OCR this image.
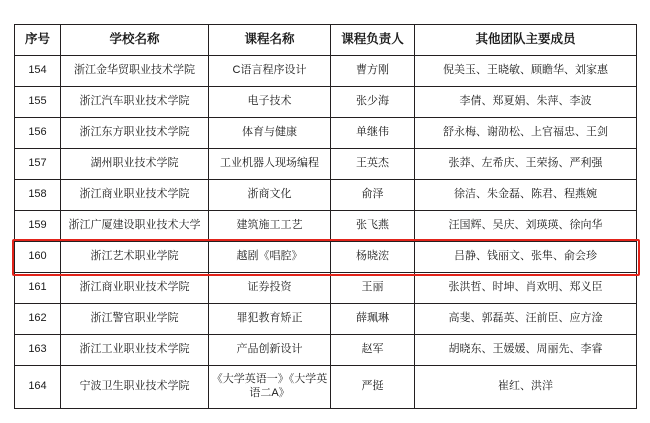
序号	学校名称	课程名称	课程负责人	其他团队主要成员
154	浙江金华贸职业技术学院	C语言程序设计	曹方刚	倪美玉、王晓敏、顾瞻华、刘家惠
155	浙江汽车职业技术学院	电子技术	张少海	李倩、郑夏娟、朱萍、李波
156	浙江东方职业技术学院	体育与健康	单继伟	舒永梅、谢劭松、上官福忠、王剑
157	湖州职业技术学院	工业机器人现场编程	王英杰	张莽、左希庆、王荣扬、严利强
158	浙江商业职业技术学院	浙商文化	俞泽	徐洁、朱金磊、陈君、程燕婉
159	浙江广厦建设职业技术大学	建筑施工工艺	张飞燕	汪国辉、吴庆、刘瑛瑛、徐向华
160	浙江艺术职业学院	越剧《唱腔》	杨晓浤	吕静、钱丽文、张隼、俞会珍
161	浙江商业职业技术学院	证券投资	王丽	张洪哲、时坤、肖欢明、郑义臣
162	浙江警官职业学院	罪犯教育矫正	薛珮琳	高斐、郭磊英、汪前臣、应方淦
163	浙江工业职业技术学院	产品创新设计	赵军	胡晓东、王媛媛、周丽先、李睿
164	宁波卫生职业技术学院	《大学英语一》《大学英语二A》	严挺	崔红、洪洋
